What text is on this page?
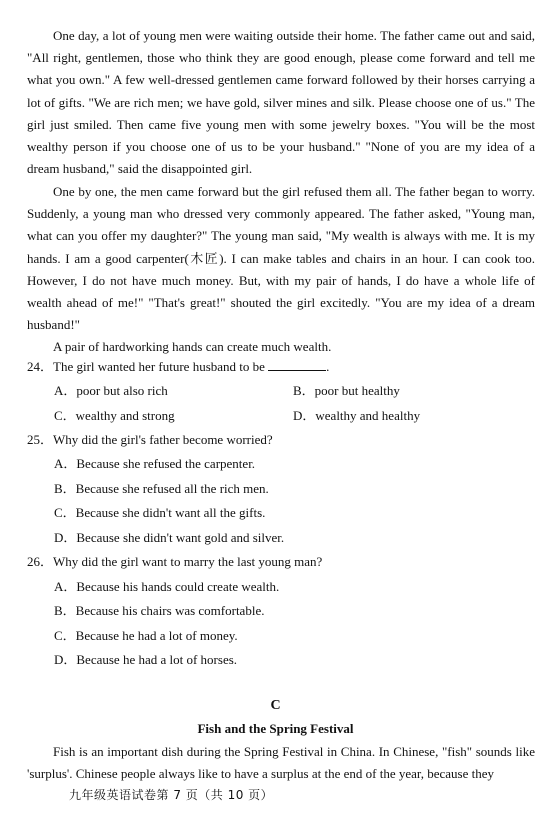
One day, a lot of young men were waiting outside their home. The father came out and said, "All right, gentlemen, those who think they are good enough, please come forward and tell me what you own." A few well-dressed gentlemen came forward followed by their horses carrying a lot of gifts. "We are rich men; we have gold, silver mines and silk. Please choose one of us." The girl just smiled. Then came five young men with some jewelry boxes. "You will be the most wealthy person if you choose one of us to be your husband." "None of you are my idea of a dream husband," said the disappointed girl.

One by one, the men came forward but the girl refused them all. The father began to worry. Suddenly, a young man who dressed very commonly appeared. The father asked, "Young man, what can you offer my daughter?" The young man said, "My wealth is always with me. It is my hands. I am a good carpenter(木匠). I can make tables and chairs in an hour. I can cook too. However, I do not have much money. But, with my pair of hands, I do have a whole life of wealth ahead of me!" "That's great!" shouted the girl excitedly. "You are my idea of a dream husband!"

A pair of hardworking hands can create much wealth.

24．The girl wanted her future husband to be	.
A．poor but also rich	B．poor but healthy
C．wealthy and strong	D．wealthy and healthy
25．Why did the girl's father become worried?
A．Because she refused the carpenter.
B．Because she refused all the rich men.
C．Because she didn't want all the gifts.
D．Because she didn't want gold and silver.
26．Why did the girl want to marry the last young man?
A．Because his hands could create wealth.
B．Because his chairs was comfortable.
C．Because he had a lot of money.
D．Because he had a lot of horses.
C
Fish and the Spring Festival

Fish is an important dish during the Spring Festival in China. In Chinese, "fish" sounds like 'surplus'. Chinese people always like to have a surplus at the end of the year, because they

九年级英语试卷第 7 页（共 10 页）
